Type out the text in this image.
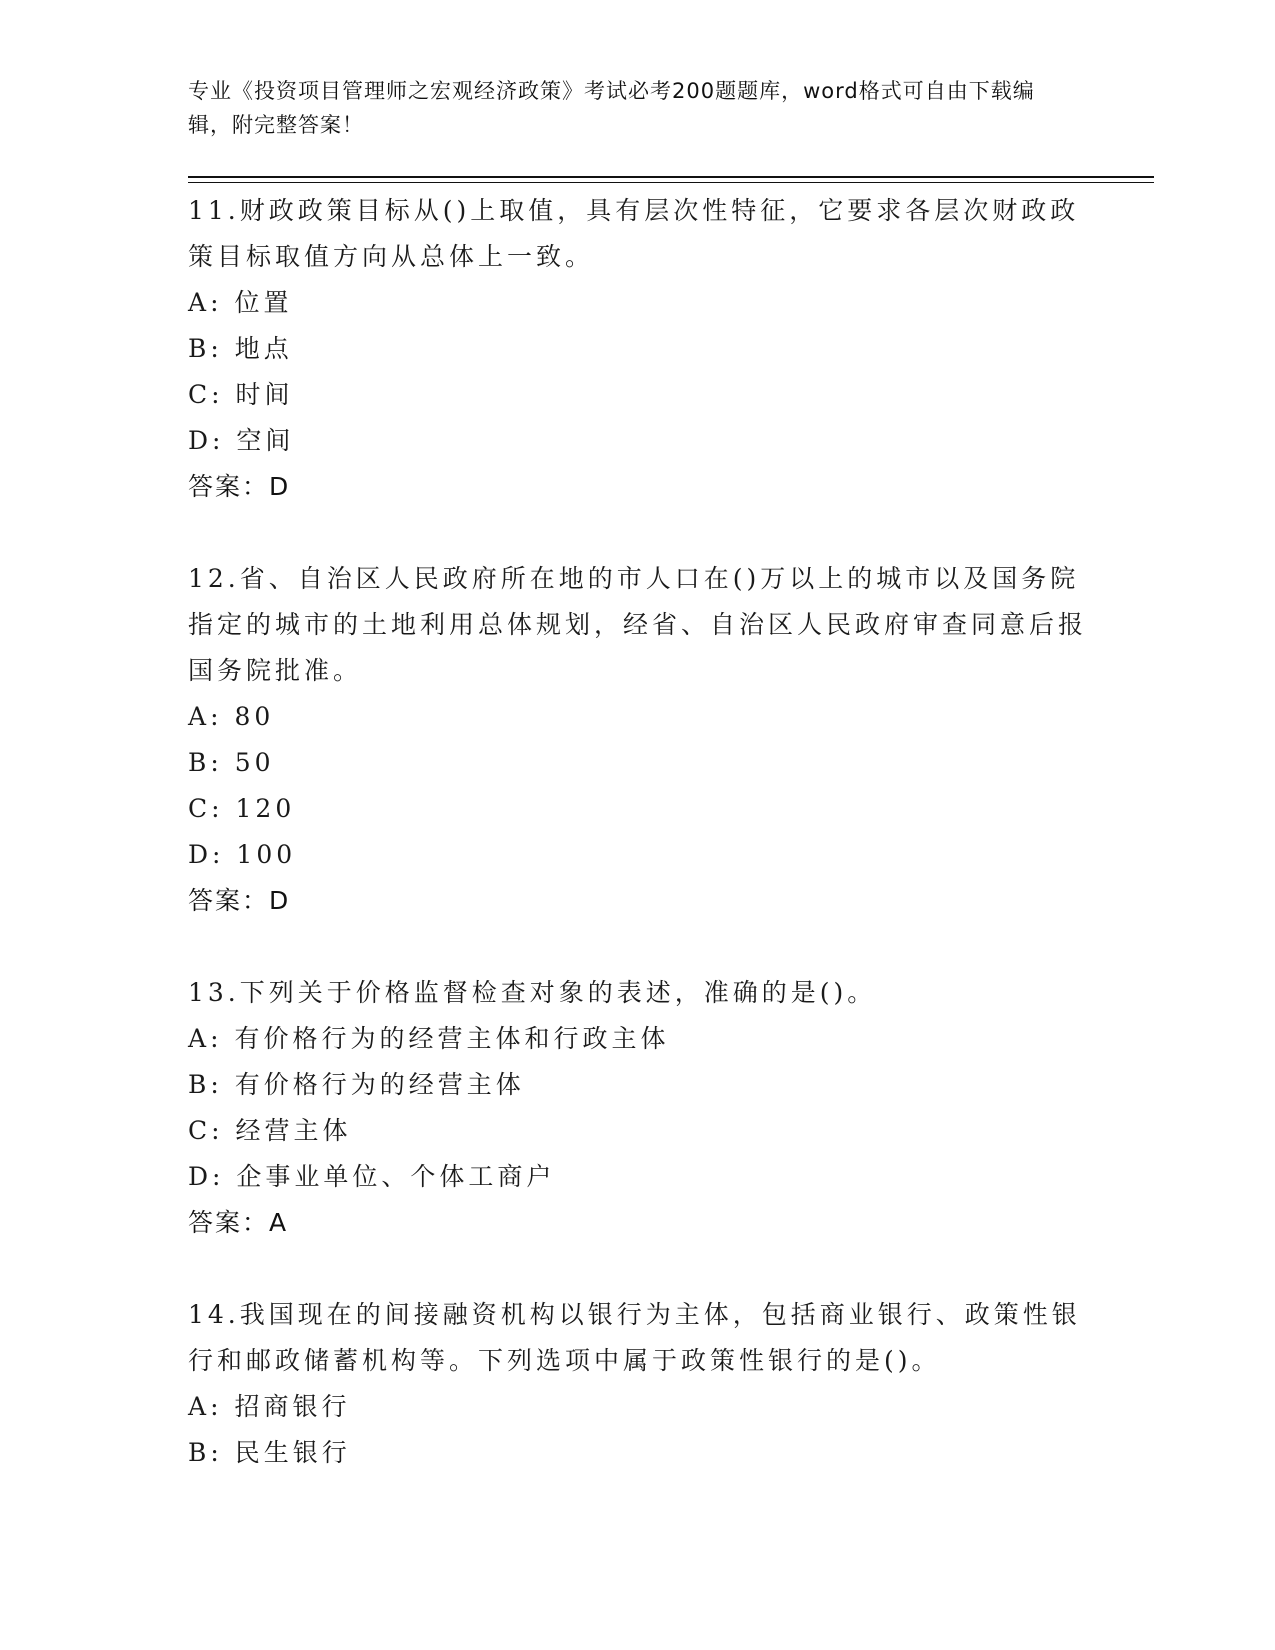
专业《投资项目管理师之宏观经济政策》考试必考200题题库，word格式可自由下载编辑，附完整答案！

11.财政政策目标从()上取值，具有层次性特征，它要求各层次财政政策目标取值方向从总体上一致。

A: 位置

B: 地点

C: 时间

D: 空间

答案：D

12.省、自治区人民政府所在地的市人口在()万以上的城市以及国务院指定的城市的土地利用总体规划，经省、自治区人民政府审查同意后报国务院批准。

A: 80

B: 50

C: 120

D: 100

答案：D

13.下列关于价格监督检查对象的表述，准确的是()。

A: 有价格行为的经营主体和行政主体

B: 有价格行为的经营主体

C: 经营主体

D: 企事业单位、个体工商户

答案：A

14.我国现在的间接融资机构以银行为主体，包括商业银行、政策性银行和邮政储蓄机构等。下列选项中属于政策性银行的是()。

A: 招商银行

B: 民生银行
